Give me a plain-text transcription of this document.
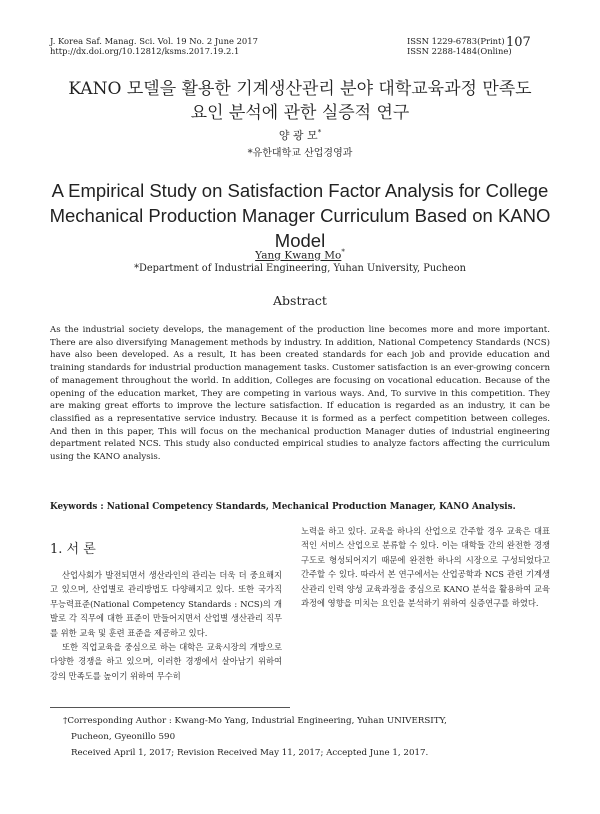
J. Korea Saf. Manag. Sci. Vol. 19 No. 2 June 2017
http://dx.doi.org/10.12812/ksms.2017.19.2.1
ISSN 1229-6783(Print)
ISSN 2288-1484(Online)
107
KANO 모델을 활용한 기계생산관리 분야 대학교육과정 만족도
요인 분석에 관한 실증적 연구
양 광 모*
*유한대학교 산업경영과
A Empirical Study on Satisfaction Factor Analysis for College
Mechanical Production Manager Curriculum Based on KANO
Model
Yang Kwang Mo*
*Department of Industrial Engineering, Yuhan University, Pucheon
Abstract
As the industrial society develops, the management of the production line becomes more and more important. There are also diversifying Management methods by industry. In addition, National Competency Standards (NCS) have also been developed. As a result, It has been created standards for each job and provide education and training standards for industrial production management tasks. Customer satisfaction is an ever-growing concern of management throughout the world. In addition, Colleges are focusing on vocational education. Because of the opening of the education market, They are competing in various ways. And, To survive in this competition. They are making great efforts to improve the lecture satisfaction. If education is regarded as an industry, it can be classified as a representative service industry. Because it is formed as a perfect competition between colleges. And then in this paper, This will focus on the mechanical production Manager duties of industrial engineering department related NCS. This study also conducted empirical studies to analyze factors affecting the curriculum using the KANO analysis.
Keywords : National Competency Standards, Mechanical Production Manager, KANO Analysis.
1. 서 론

산업사회가 발전되면서 생산라인의 관리는 더욱 더 중요해지고 있으며, 산업별로 관리방법도 다양해지고 있다. 또한 국가직무능력표준(National Competency Standards : NCS)의 개발로 각 직무에 대한 표준이 만들어지면서 산업별 생산관리 직무를 위한 교육 및 훈련 표준을 제공하고 있다.

또한 직업교육을 중심으로 하는 대학은 교육시장의 개방으로 다양한 경쟁을 하고 있으며, 이러한 경쟁에서 살아남기 위하여 강의 만족도를 높이기 위하여 무수히

노력을 하고 있다. 교육을 하나의 산업으로 간주할 경우 교육은 대표적인 서비스 산업으로 분류할 수 있다. 이는 대학들 간의 완전한 경쟁구도로 형성되어지기 때문에 완전한 하나의 시장으로 구성되었다고 간주할 수 있다. 따라서 본 연구에서는 산업공학과 NCS 관련 기계생산관리 인력 양성 교육과정을 중심으로 KANO 분석을 활용하여 교육과정에 영향을 미치는 요인을 분석하기 위하여 실증연구를 하였다.

†Corresponding Author : Kwang-Mo Yang, Industrial Engineering, Yuhan UNIVERSITY,
Pucheon, Gyeonillo 590
Received April 1, 2017; Revision Received May 11, 2017; Accepted June 1, 2017.
